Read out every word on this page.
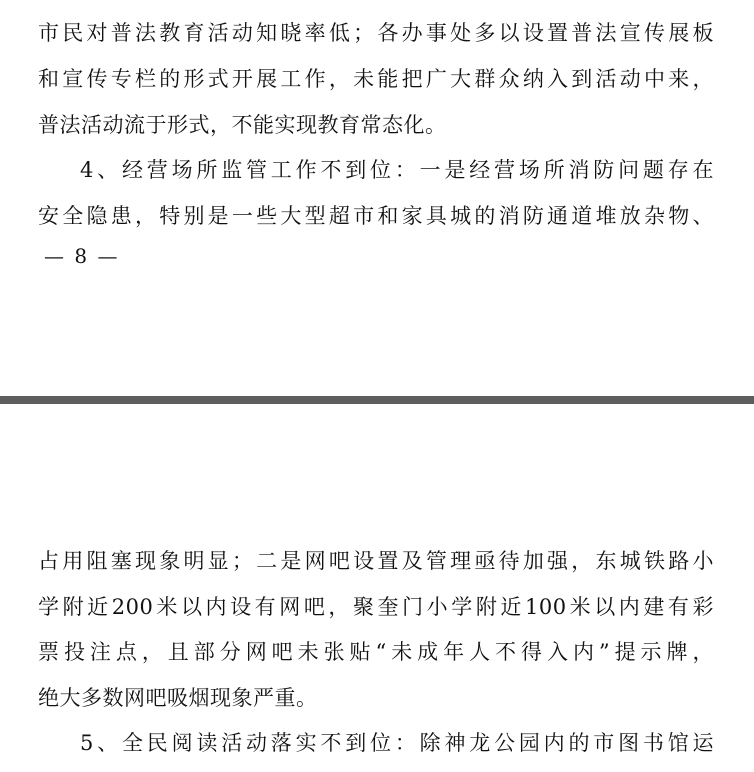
市民对普法教育活动知晓率低；各办事处多以设置普法宣传展板
和宣传专栏的形式开展工作，未能把广大群众纳入到活动中来，
普法活动流于形式，不能实现教育常态化。
4、经营场所监管工作不到位：一是经营场所消防问题存在
安全隐患，特别是一些大型超市和家具城的消防通道堆放杂物、
— 8 —
占用阻塞现象明显；二是网吧设置及管理亟待加强，东城铁路小
学附近200米以内设有网吧，聚奎门小学附近100米以内建有彩
票投注点，且部分网吧未张贴“未成年人不得入内”提示牌，
绝大多数网吧吸烟现象严重。
5、全民阅读活动落实不到位：除神龙公园内的市图书馆运
